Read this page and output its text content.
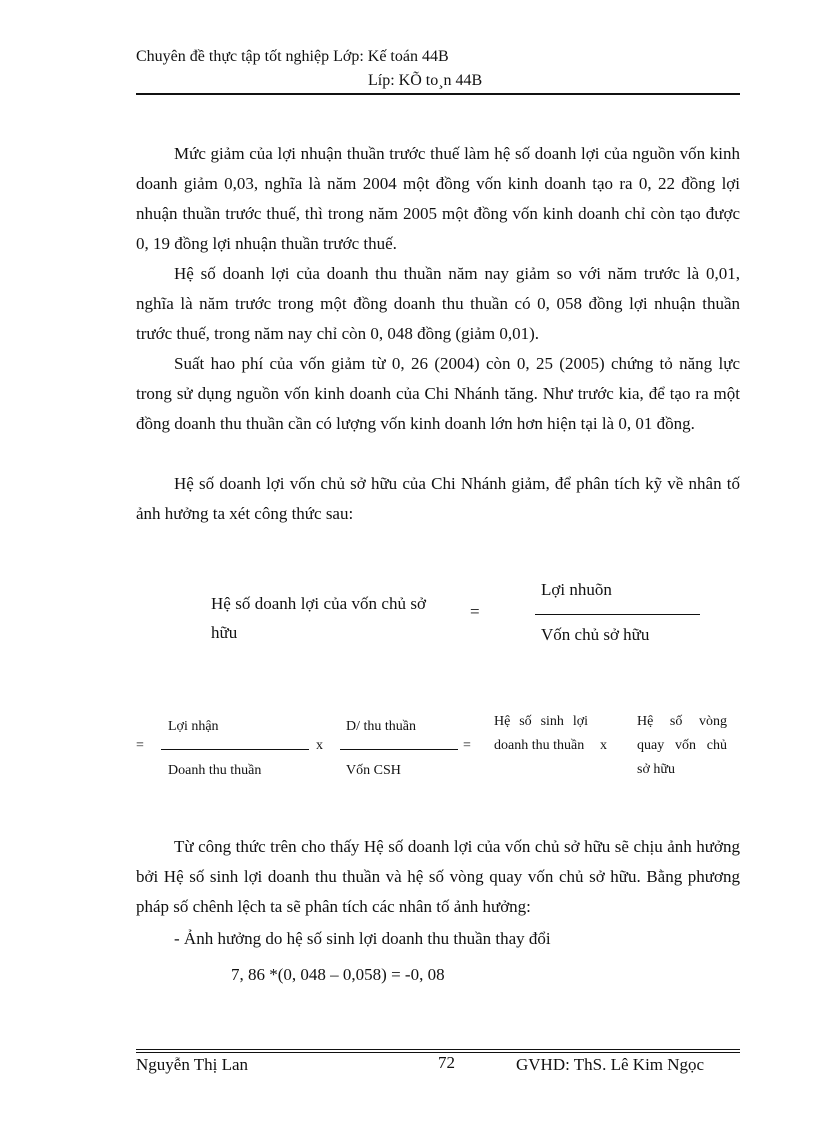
Chuyên đề thực tập tốt nghiệp Lớp: Kế toán 44B
Líp: KÕ to¸n 44B
Mức giảm của lợi nhuận thuần trước thuế làm hệ số doanh lợi của nguồn vốn kinh doanh giảm 0,03, nghĩa là năm 2004 một đồng vốn kinh doanh tạo ra 0, 22 đồng lợi nhuận thuần trước thuế, thì trong năm 2005 một đồng vốn kinh doanh chỉ còn tạo được 0, 19 đồng lợi nhuận thuần trước thuế.
Hệ số doanh lợi của doanh thu thuần năm nay giảm so với năm trước là 0,01, nghĩa là năm trước trong một đồng doanh thu thuần có 0, 058 đồng lợi nhuận thuần trước thuế, trong năm nay chỉ còn 0, 048 đồng (giảm 0,01).
Suất hao phí của vốn giảm từ 0, 26 (2004) còn 0, 25 (2005) chứng tỏ năng lực trong sử dụng nguồn vốn kinh doanh của Chi Nhánh tăng. Như trước kia, để tạo ra một đồng doanh thu thuần cần có lượng vốn kinh doanh lớn hơn hiện tại là 0, 01 đồng.
Hệ số doanh lợi vốn chủ sở hữu của Chi Nhánh giảm, để phân tích kỹ về nhân tố ảnh hưởng ta xét công thức sau:
Hệ số doanh lợi của vốn chủ sở hữu
=
Lợi nhuõn
Vốn chủ sở hữu
=
Lợi nhận
Doanh thu thuần
x
D/ thu thuần
Vốn CSH
=
Hệ số sinh lợi doanh thu thuần x
Hệ số vòng quay vốn chủ sở hữu
Từ công thức trên cho thấy Hệ số doanh lợi của vốn chủ sở hữu sẽ chịu ảnh hưởng bởi Hệ số sinh lợi doanh thu thuần và hệ số vòng quay vốn chủ sở hữu. Bằng phương pháp số chênh lệch ta sẽ phân tích các nhân tố ảnh hưởng:
- Ảnh hưởng do hệ số sinh lợi doanh thu thuần thay đổi
7, 86 *(0, 048 – 0,058) = -0, 08
Nguyễn Thị Lan	72	GVHD: ThS. Lê Kim Ngọc
